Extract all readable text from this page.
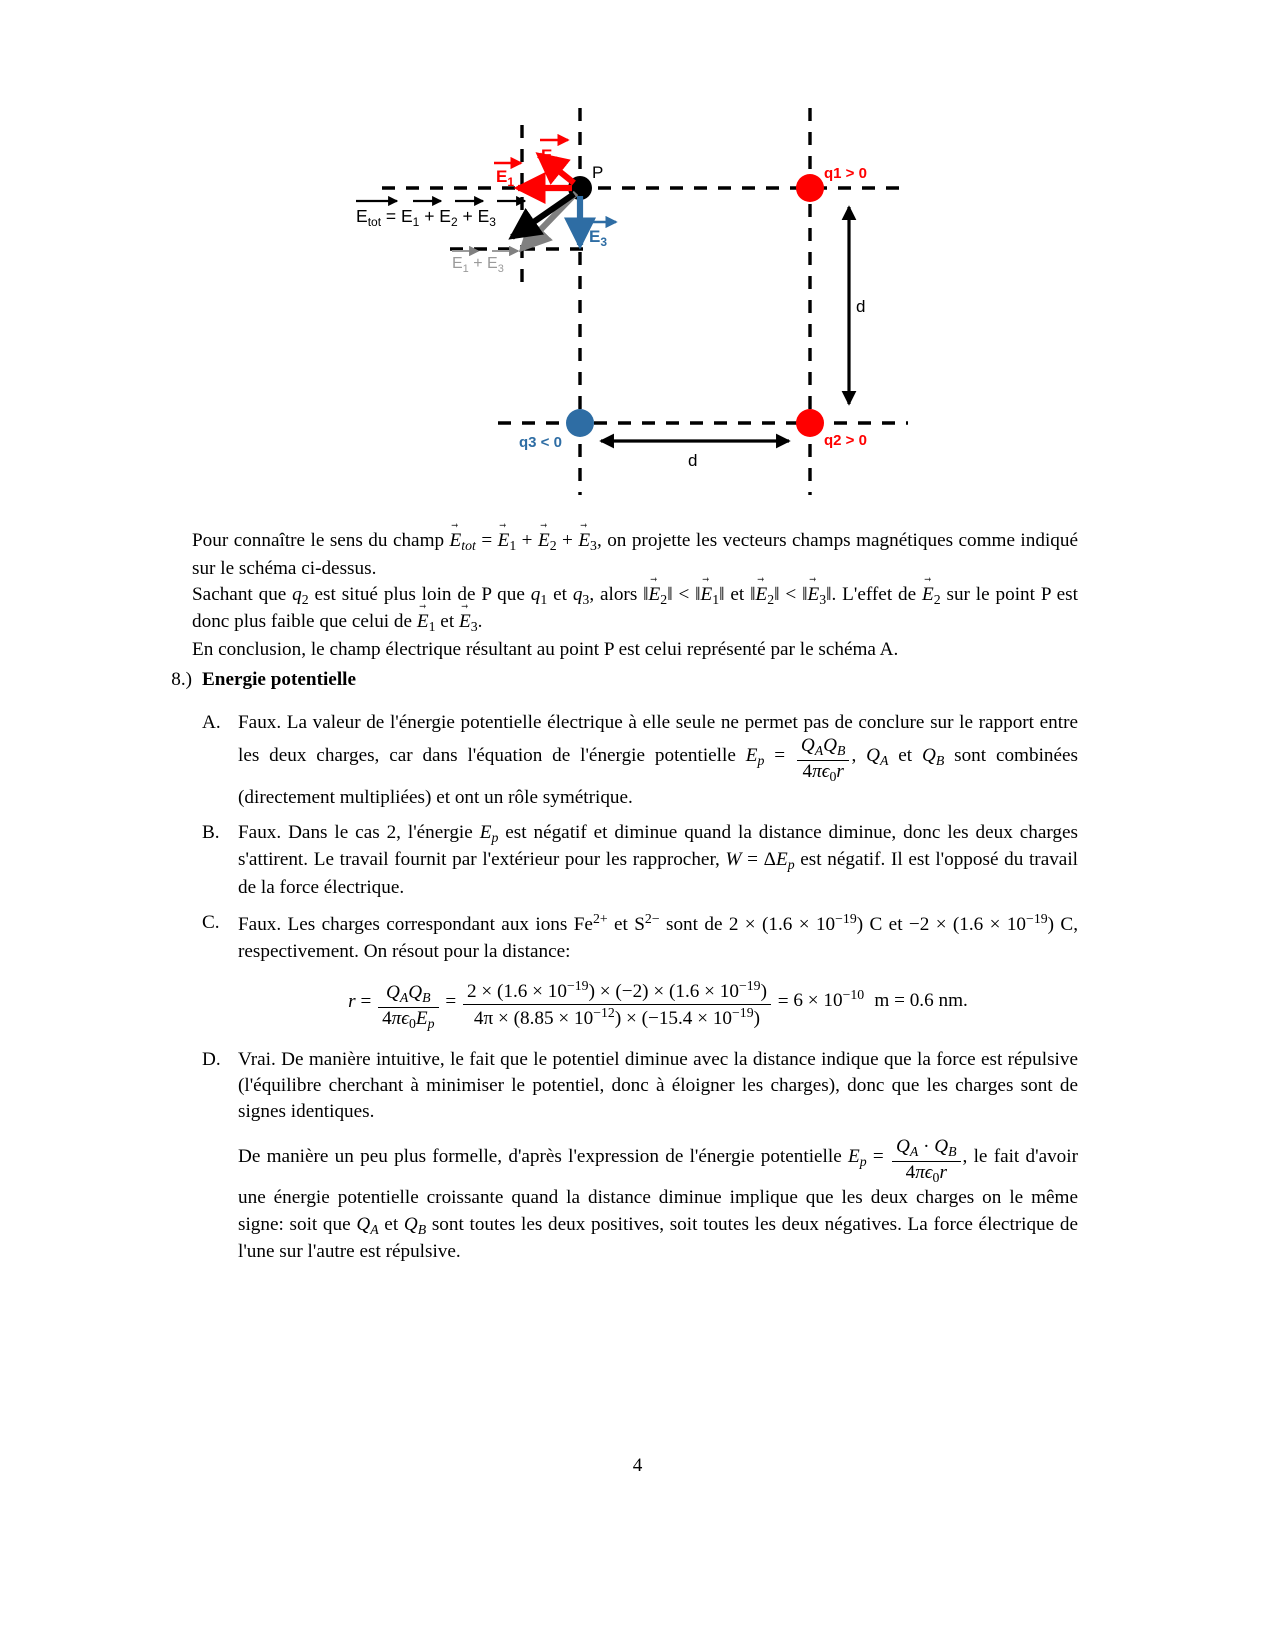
P	q1 > 0
q2 > 0
q3 < 0
$E_1$
$E_2$
$E_3$
$E_{tot} = E_1 + E_2 + E_3$
$E_1 + E_3$
d
d

Pour connaître le sens du champ $E \to_{tot} = E \to_1 + E \to_2 + E \to_3$, on projette les vecteurs champs magnétiques comme indiqué sur le schéma ci-dessus.

Sachant que $q_2$ est situé plus loin de P que $q_1$ et $q_3$, alors ‖E $\to_2‖$ < ‖E $\to_1‖$ et ‖E $\to_2‖$ < ‖E $\to_3‖$. L'effet de $E \to_2$ sur le point P est donc plus faible que celui de $E \to_1$ et $E \to_3$.

En conclusion, le champ électrique résultant au point P est celui représenté par le schéma A.

8.) Energie potentielle
A. Faux. La valeur de l'énergie potentielle électrique à elle seule ne permet pas de conclure sur le rapport entre les deux charges, car dans l'équation de l'énergie potentielle $E_p = \frac{Q_AQ_B}{4\pi\epsilon_0r}$ , $Q_A$ et $Q_B$ sont combinées (directement multipliées) et ont un rôle symétrique.

B. Faux. Dans le cas 2, l'énergie $E_p$ est négatif et diminue quand la distance diminue, donc les deux charges s'attirent. Le travail fournit par l'extérieur pour les rapprocher, $W = \Delta E_p$ est négatif. Il est l'opposé du travail de la force électrique.

C. Faux. Les charges correspondant aux ions $Fe^{2+}$ et $S^{2-}$ sont de $2 \times (1.6 \times 10^{-19})$ C et $-2 \times (1.6 \times 10^{-19})$ C, respectivement. On résout pour la distance:

$r = \frac{Q_AQ_B}{4\pi\epsilon_0E_p} = \frac{2 \times (1.6 \times 10^{-19}) \times (-2) \times (1.6 \times 10^{-19})}{4\pi \times (8.85 \times 10^{-12}) \times (-15.4 \times 10^{-19})} = 6 \times 10^{-10}$ m = 0.6 nm.
D. Vrai. De manière intuitive, le fait que le potentiel diminue avec la distance indique que la force est répulsive (l'équilibre cherchant à minimiser le potentiel, donc à éloigner les charges), donc que les charges sont de signes identiques.

De manière un peu plus formelle, d'après l'expression de l'énergie potentielle $E_p = \frac{Q_A \cdot Q_B}{4\pi\epsilon_0r}$ , le fait d'avoir une énergie potentielle croissante quand la distance diminue implique que les deux charges on le même signe: soit que $Q_A$ et $Q_B$ sont toutes les deux positives, soit toutes les deux négatives. La force électrique de l'une sur l'autre est répulsive.

4
